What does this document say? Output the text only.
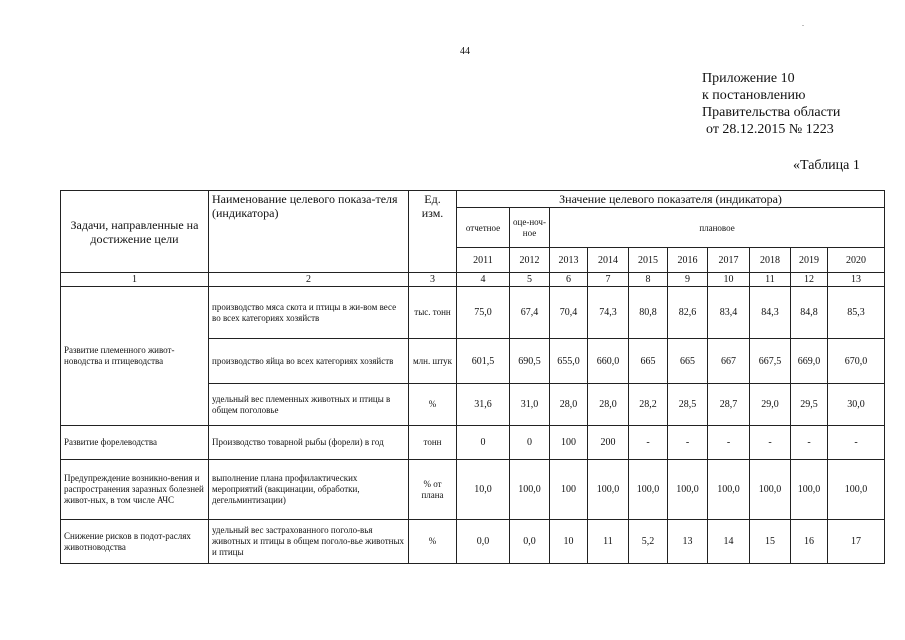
.
44
Приложение 10
к постановлению
Правительства области
от 28.12.2015 № 1223
«Таблица 1
Задачи, направленные на достижение цели	Наименование целевого показа-теля (индикатора)	Ед. изм.	Значение целевого показателя (индикатора)									
			отчетное	оце-ноч-ное	плановое							
			2011	2012	2013	2014	2015	2016	2017	2018	2019	2020
1	2	3	4	5	6	7	8	9	10	11	12	13
Развитие племенного живот-новодства и птицеводства	производство мяса скота и птицы в жи-вом весе во всех категориях хозяйств	тыс. тонн	75,0	67,4	70,4	74,3	80,8	82,6	83,4	84,3	84,8	85,3
	производство яйца во всех категориях хозяйств	млн. штук	601,5	690,5	655,0	660,0	665	665	667	667,5	669,0	670,0
	удельный вес племенных животных и птицы в общем поголовье	%	31,6	31,0	28,0	28,0	28,2	28,5	28,7	29,0	29,5	30,0
Развитие форелеводства	Производство товарной рыбы (форели) в год	тонн	0	0	100	200	-	-	-	-	-	-
Предупреждение возникно-вения и распространения заразных болезней живот-ных, в том числе АЧС	выполнение плана профилактических мероприятий (вакцинации, обработки, дегельминтизации)	% от плана	10,0	100,0	100	100,0	100,0	100,0	100,0	100,0	100,0	100,0
Снижение рисков в подот-раслях животноводства	удельный вес застрахованного поголо-вья животных и птицы в общем поголо-вье животных и птицы	%	0,0	0,0	10	11	5,2	13	14	15	16	17
